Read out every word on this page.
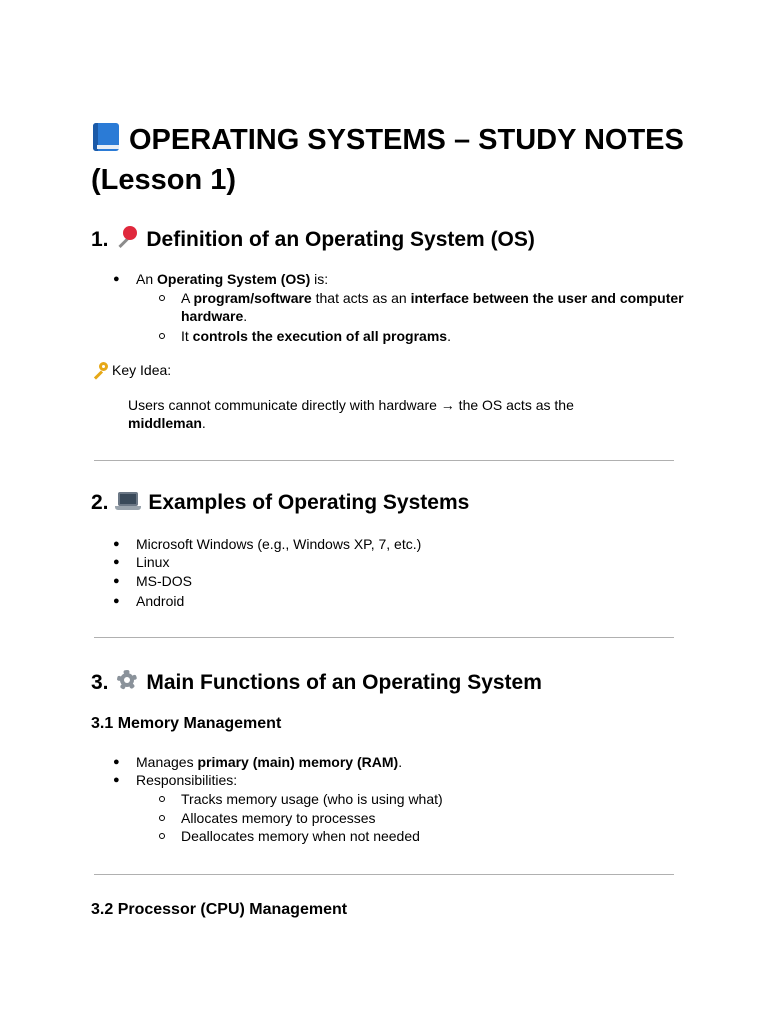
OPERATING SYSTEMS – STUDY NOTES (Lesson 1)
1. Definition of an Operating System (OS)
● An Operating System (OS) is:
A program/software that acts as an interface between the user and computer
hardware.
It controls the execution of all programs.
Key Idea:
Users cannot communicate directly with hardware → the OS acts as the
middleman.
2. Examples of Operating Systems
● Microsoft Windows (e.g., Windows XP, 7, etc.)
● Linux
● MS-DOS
● Android
3. Main Functions of an Operating System
3.1 Memory Management
● Manages primary (main) memory (RAM).
● Responsibilities:
Tracks memory usage (who is using what)
Allocates memory to processes
Deallocates memory when not needed
3.2 Processor (CPU) Management
